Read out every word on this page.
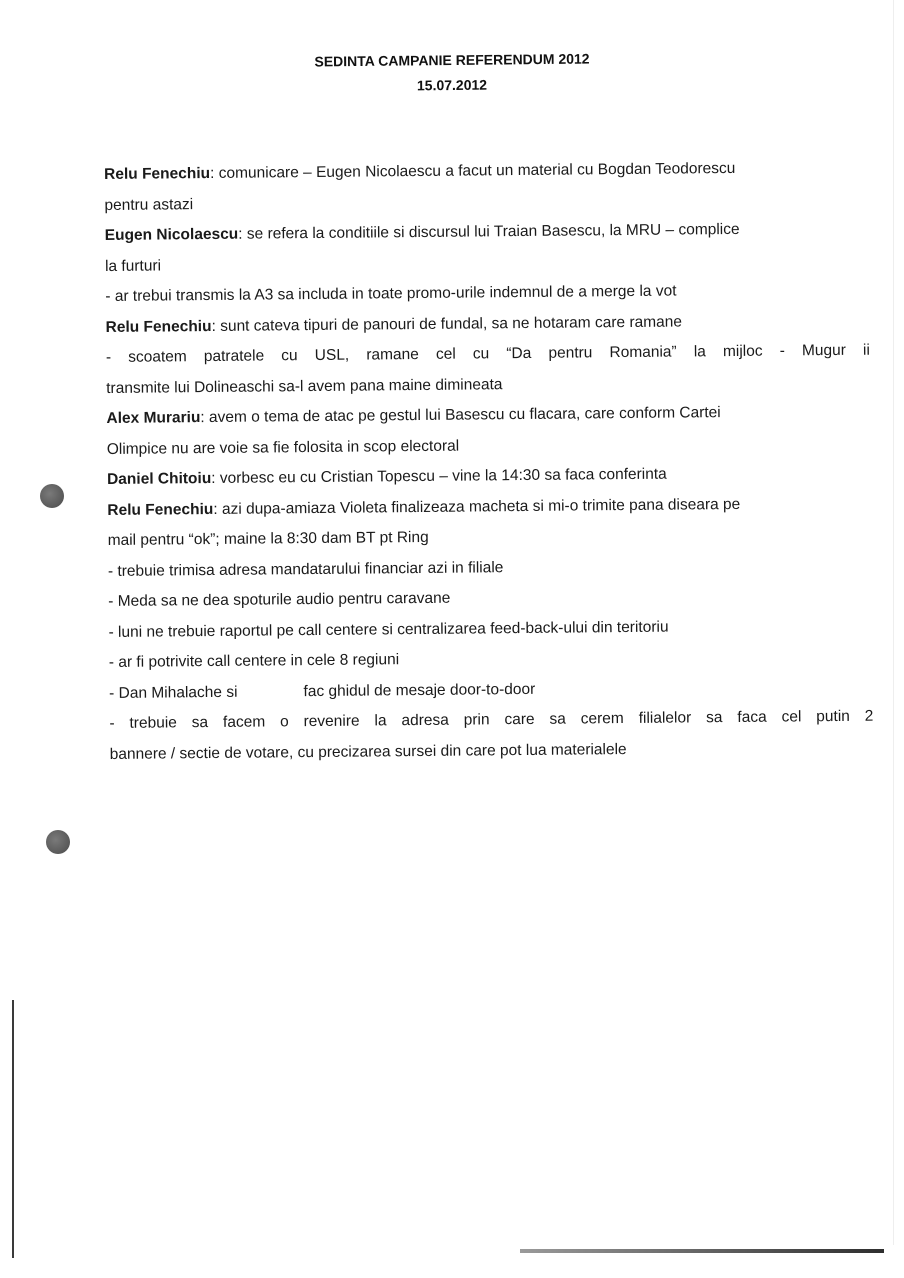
SEDINTA CAMPANIE REFERENDUM 2012
15.07.2012
Relu Fenechiu: comunicare – Eugen Nicolaescu a facut un material cu Bogdan Teodorescu
pentru astazi
Eugen Nicolaescu: se refera la conditiile si discursul lui Traian Basescu, la MRU – complice
la furturi
- ar trebui transmis la A3 sa includa in toate promo-urile indemnul de a merge la vot
Relu Fenechiu: sunt cateva tipuri de panouri de fundal, sa ne hotaram care ramane
- scoatem patratele cu USL, ramane cel cu “Da pentru Romania” la mijloc - Mugur ii
transmite lui Dolineaschi sa-l avem pana maine dimineata
Alex Murariu: avem o tema de atac pe gestul lui Basescu cu flacara, care conform Cartei
Olimpice nu are voie sa fie folosita in scop electoral
Daniel Chitoiu: vorbesc eu cu Cristian Topescu – vine la 14:30 sa faca conferinta
Relu Fenechiu: azi dupa-amiaza Violeta finalizeaza macheta si mi-o trimite pana diseara pe
mail pentru “ok”; maine la 8:30 dam BT pt Ring
- trebuie trimisa adresa mandatarului financiar azi in filiale
- Meda sa ne dea spoturile audio pentru caravane
- luni ne trebuie raportul pe call centere si centralizarea feed-back-ului din teritoriu
- ar fi potrivite call centere in cele 8 regiuni
- Dan Mihalache si	fac ghidul de mesaje door-to-door
- trebuie sa facem o revenire la adresa prin care sa cerem filialelor sa faca cel putin 2
bannere / sectie de votare, cu precizarea sursei din care pot lua materialele
